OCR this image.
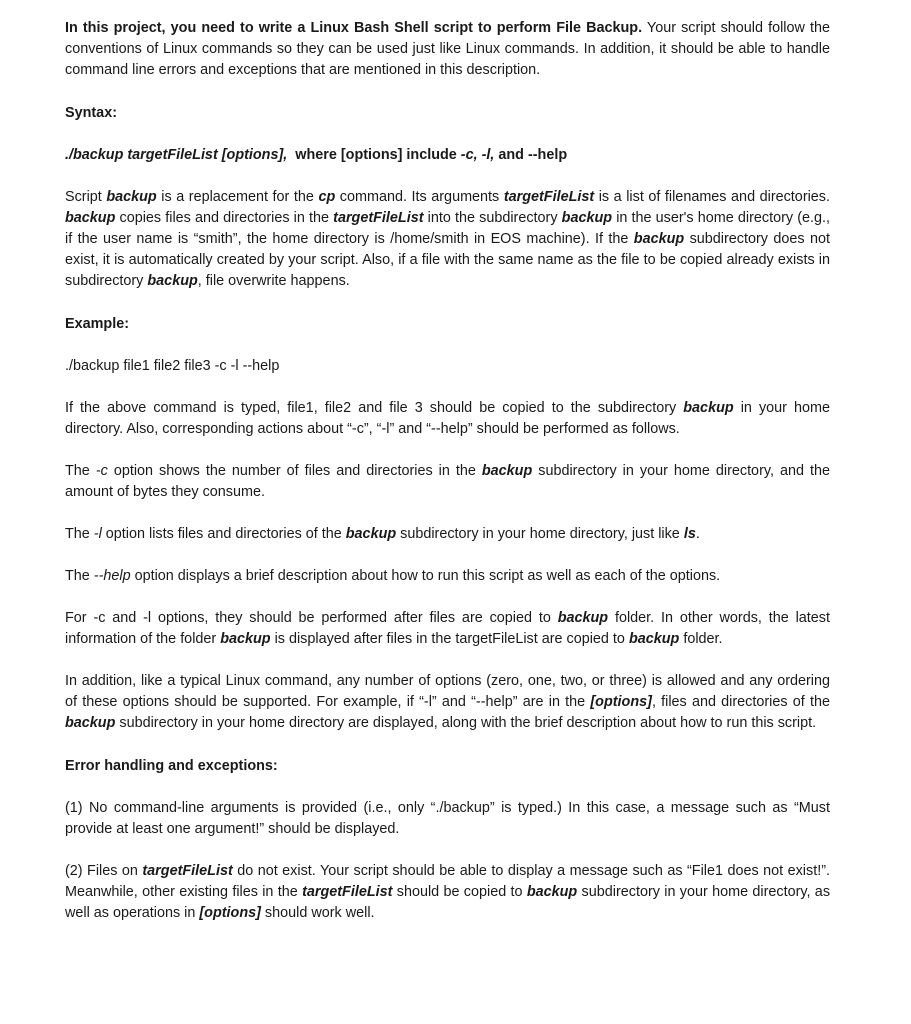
In this project, you need to write a Linux Bash Shell script to perform File Backup. Your script should follow the conventions of Linux commands so they can be used just like Linux commands. In addition, it should be able to handle command line errors and exceptions that are mentioned in this description.

Syntax:

./backup targetFileList [options],  where [options] include -c, -l, and --help

Script backup is a replacement for the cp command. Its arguments targetFileList is a list of filenames and directories. backup copies files and directories in the targetFileList into the subdirectory backup in the user's home directory (e.g., if the user name is “smith”, the home directory is /home/smith in EOS machine). If the backup subdirectory does not exist, it is automatically created by your script. Also, if a file with the same name as the file to be copied already exists in subdirectory backup, file overwrite happens.

Example:

./backup file1 file2 file3 -c -l --help

If the above command is typed, file1, file2 and file 3 should be copied to the subdirectory backup in your home directory. Also, corresponding actions about “-c”, “-l” and “--help” should be performed as follows.

The -c option shows the number of files and directories in the backup subdirectory in your home directory, and the amount of bytes they consume.

The -l option lists files and directories of the backup subdirectory in your home directory, just like ls.

The --help option displays a brief description about how to run this script as well as each of the options.

For -c and -l options, they should be performed after files are copied to backup folder. In other words, the latest information of the folder backup is displayed after files in the targetFileList are copied to backup folder.

In addition, like a typical Linux command, any number of options (zero, one, two, or three) is allowed and any ordering of these options should be supported. For example, if “-l” and “--help” are in the [options], files and directories of the backup subdirectory in your home directory are displayed, along with the brief description about how to run this script.

Error handling and exceptions:

(1) No command-line arguments is provided (i.e., only “./backup” is typed.) In this case, a message such as “Must provide at least one argument!” should be displayed.

(2) Files on targetFileList do not exist. Your script should be able to display a message such as “File1 does not exist!”. Meanwhile, other existing files in the targetFileList should be copied to backup subdirectory in your home directory, as well as operations in [options] should work well.
